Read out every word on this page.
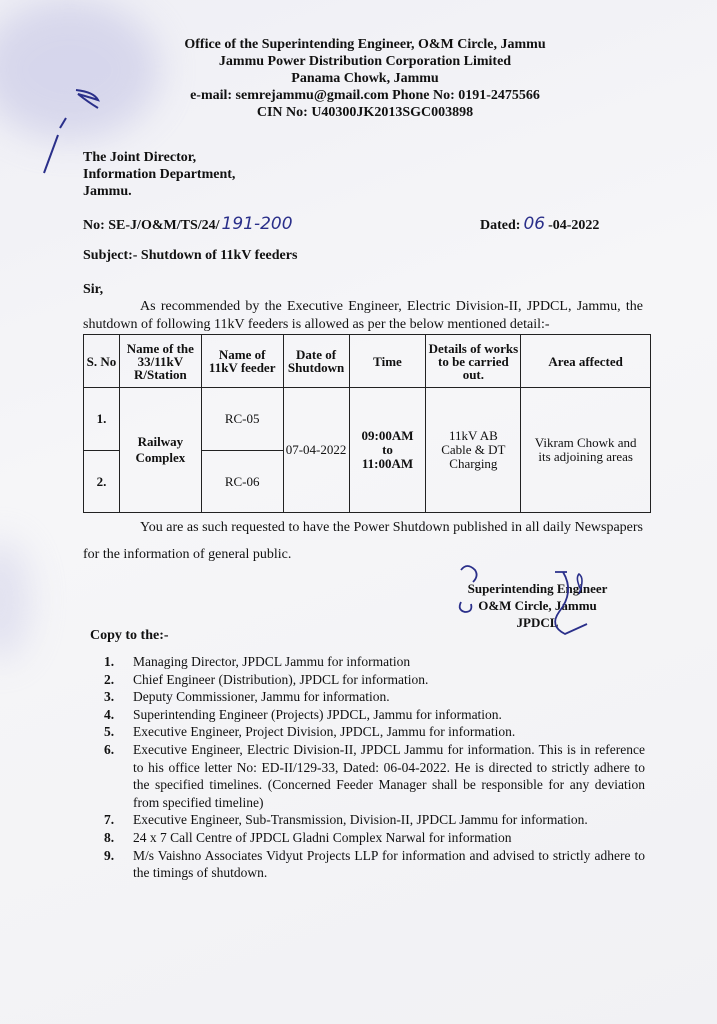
Office of the Superintending Engineer, O&M Circle, Jammu
Jammu Power Distribution Corporation Limited
Panama Chowk, Jammu
e-mail: semrejammu@gmail.com Phone No: 0191-2475566
CIN No: U40300JK2013SGC003898
The Joint Director,
Information Department,
Jammu.
No: SE-J/O&M/TS/24/ 191-200	Dated: 06 -04-2022
Subject:- Shutdown of 11kV feeders
Sir,
As recommended by the Executive Engineer, Electric Division-II, JPDCL, Jammu, the shutdown of following 11kV feeders is allowed as per the below mentioned detail:-
S. No	Name of the 33/11kV R/Station	Name of 11kV feeder	Date of Shutdown	Time	Details of works to be carried out.	Area affected
1.	Railway Complex	RC-05	07-04-2022	09:00AM
to
11:00AM	11kV AB Cable & DT Charging	Vikram Chowk and its adjoining areas
2.		RC-06				
You are as such requested to have the Power Shutdown published in all daily Newspapers for the information of general public.
Superintending Engineer
O&M Circle, Jammu
JPDCL
Copy to the:-
1. Managing Director, JPDCL Jammu for information
2. Chief Engineer (Distribution), JPDCL for information.
3. Deputy Commissioner, Jammu for information.
4. Superintending Engineer (Projects) JPDCL, Jammu for information.
5. Executive Engineer, Project Division, JPDCL, Jammu for information.
6. Executive Engineer, Electric Division-II, JPDCL Jammu for information. This is in reference to his office letter No: ED-II/129-33, Dated: 06-04-2022. He is directed to strictly adhere to the specified timelines. (Concerned Feeder Manager shall be responsible for any deviation from specified timeline)
7. Executive Engineer, Sub-Transmission, Division-II, JPDCL Jammu for information.
8. 24 x 7 Call Centre of JPDCL Gladni Complex Narwal for information
9. M/s Vaishno Associates Vidyut Projects LLP for information and advised to strictly adhere to the timings of shutdown.
